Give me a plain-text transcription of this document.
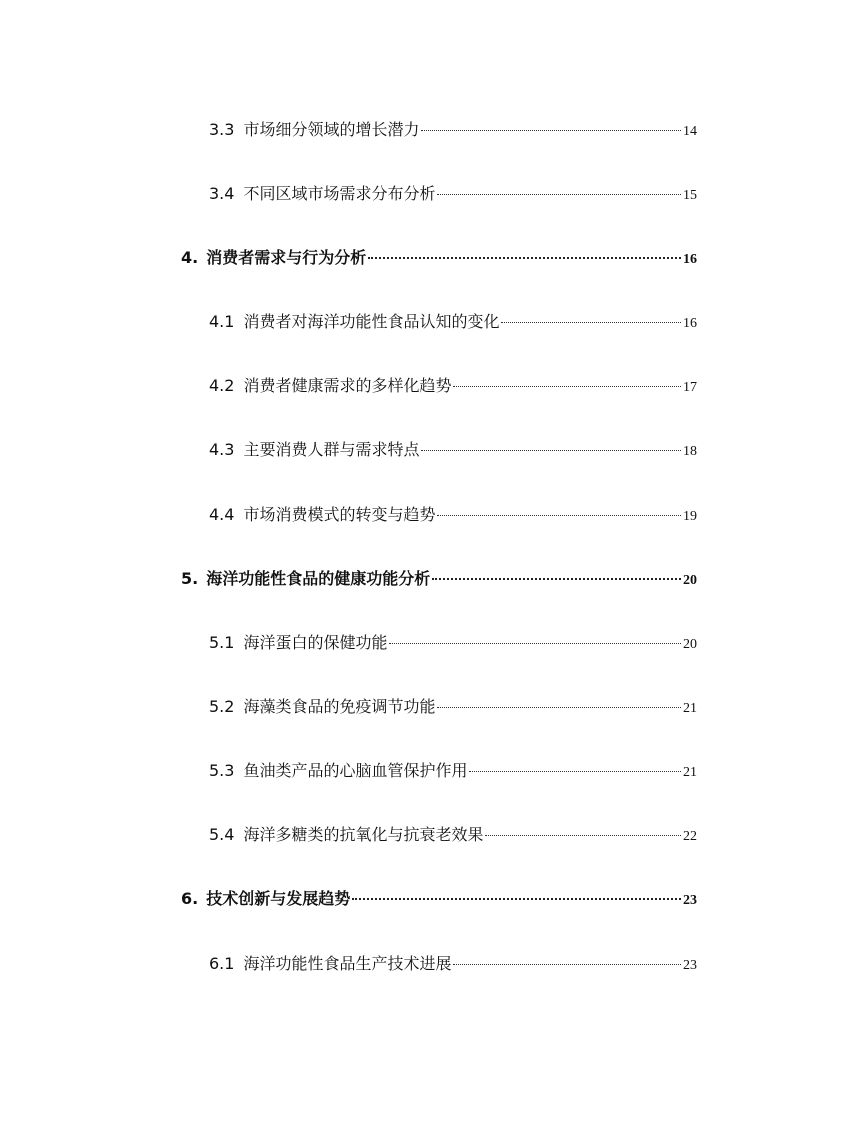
3.3 市场细分领域的增长潜力	14
3.4 不同区域市场需求分布分析	15
4. 消费者需求与行为分析	16
4.1 消费者对海洋功能性食品认知的变化	16
4.2 消费者健康需求的多样化趋势	17
4.3 主要消费人群与需求特点	18
4.4 市场消费模式的转变与趋势	19
5. 海洋功能性食品的健康功能分析	20
5.1 海洋蛋白的保健功能	20
5.2 海藻类食品的免疫调节功能	21
5.3 鱼油类产品的心脑血管保护作用	21
5.4 海洋多糖类的抗氧化与抗衰老效果	22
6. 技术创新与发展趋势	23
6.1 海洋功能性食品生产技术进展	23
